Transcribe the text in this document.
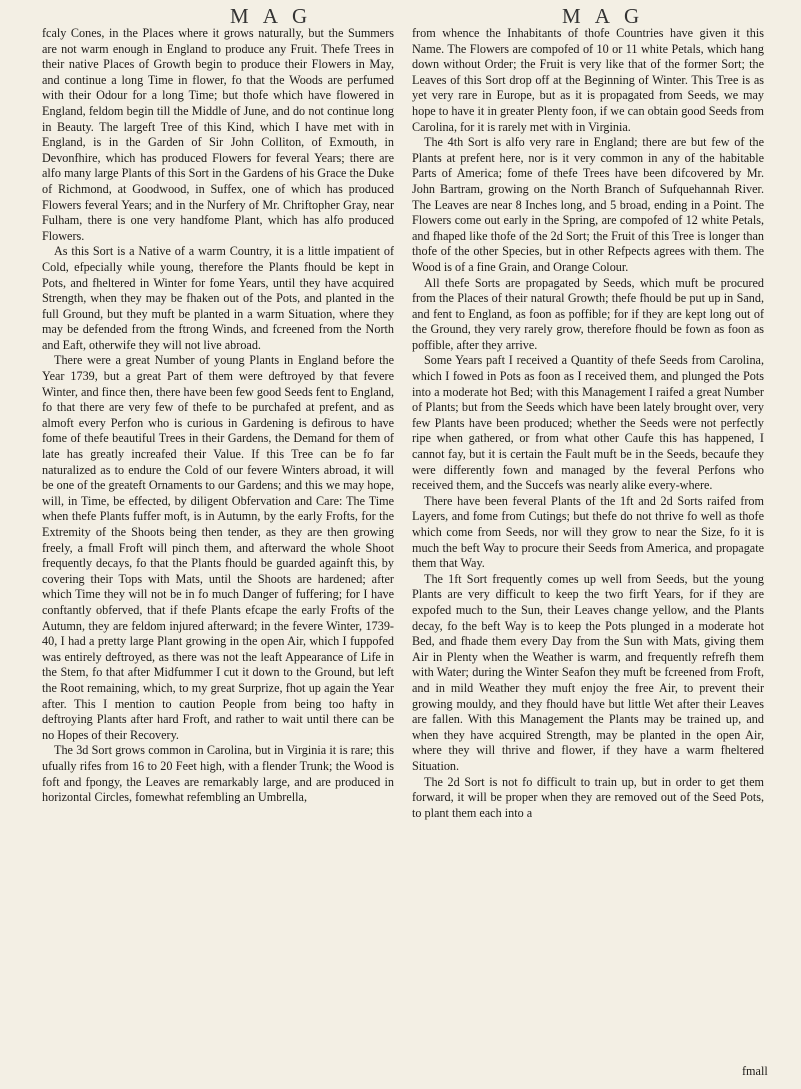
M A G	M A G

fcaly Cones, in the Places where it grows naturally, but the Summers are not warm enough in England to produce any Fruit. Thefe Trees in their native Places of Growth begin to produce their Flowers in May, and continue a long Time in flower, fo that the Woods are perfumed with their Odour for a long Time; but thofe which have flowered in England, feldom begin till the Middle of June, and do not continue long in Beauty. The largeft Tree of this Kind, which I have met with in England, is in the Garden of Sir John Colliton, of Exmouth, in Devonfhire, which has produced Flowers for feveral Years; there are alfo many large Plants of this Sort in the Gardens of his Grace the Duke of Richmond, at Goodwood, in Suffex, one of which has produced Flowers feveral Years; and in the Nurfery of Mr. Chriftopher Gray, near Fulham, there is one very handfome Plant, which has alfo produced Flowers.

As this Sort is a Native of a warm Country, it is a little impatient of Cold, efpecially while young, therefore the Plants fhould be kept in Pots, and fheltered in Winter for fome Years, until they have acquired Strength, when they may be fhaken out of the Pots, and planted in the full Ground, but they muft be planted in a warm Situation, where they may be defended from the ftrong Winds, and fcreened from the North and Eaft, otherwife they will not live abroad.

There were a great Number of young Plants in England before the Year 1739, but a great Part of them were deftroyed by that fevere Winter, and fince then, there have been few good Seeds fent to England, fo that there are very few of thefe to be purchafed at prefent, and as almoft every Perfon who is curious in Gardening is defirous to have fome of thefe beautiful Trees in their Gardens, the Demand for them of late has greatly increafed their Value. If this Tree can be fo far naturalized as to endure the Cold of our fevere Winters abroad, it will be one of the greateft Ornaments to our Gardens; and this we may hope, will, in Time, be effected, by diligent Obfervation and Care: The Time when thefe Plants fuffer moft, is in Autumn, by the early Frofts, for the Extremity of the Shoots being then tender, as they are then growing freely, a fmall Froft will pinch them, and afterward the whole Shoot frequently decays, fo that the Plants fhould be guarded againft this, by covering their Tops with Mats, until the Shoots are hardened; after which Time they will not be in fo much Danger of fuffering; for I have conftantly obferved, that if thefe Plants efcape the early Frofts of the Autumn, they are feldom injured afterward; in the fevere Winter, 1739-40, I had a pretty large Plant growing in the open Air, which I fuppofed was entirely deftroyed, as there was not the leaft Appearance of Life in the Stem, fo that after Midfummer I cut it down to the Ground, but left the Root remaining, which, to my great Surprize, fhot up again the Year after. This I mention to caution People from being too hafty in deftroying Plants after hard Froft, and rather to wait until there can be no Hopes of their Recovery.

The 3d Sort grows common in Carolina, but in Virginia it is rare; this ufually rifes from 16 to 20 Feet high, with a flender Trunk; the Wood is foft and fpongy, the Leaves are remarkably large, and are produced in horizontal Circles, fomewhat refembling an Umbrella,

from whence the Inhabitants of thofe Countries have given it this Name. The Flowers are compofed of 10 or 11 white Petals, which hang down without Order; the Fruit is very like that of the former Sort; the Leaves of this Sort drop off at the Beginning of Winter. This Tree is as yet very rare in Europe, but as it is propagated from Seeds, we may hope to have it in greater Plenty foon, if we can obtain good Seeds from Carolina, for it is rarely met with in Virginia.

The 4th Sort is alfo very rare in England; there are but few of the Plants at prefent here, nor is it very common in any of the habitable Parts of America; fome of thefe Trees have been difcovered by Mr. John Bartram, growing on the North Branch of Sufquehannah River. The Leaves are near 8 Inches long, and 5 broad, ending in a Point. The Flowers come out early in the Spring, are compofed of 12 white Petals, and fhaped like thofe of the 2d Sort; the Fruit of this Tree is longer than thofe of the other Species, but in other Refpects agrees with them. The Wood is of a fine Grain, and Orange Colour.

All thefe Sorts are propagated by Seeds, which muft be procured from the Places of their natural Growth; thefe fhould be put up in Sand, and fent to England, as foon as poffible; for if they are kept long out of the Ground, they very rarely grow, therefore fhould be fown as foon as poffible, after they arrive.

Some Years paft I received a Quantity of thefe Seeds from Carolina, which I fowed in Pots as foon as I received them, and plunged the Pots into a moderate hot Bed; with this Management I raifed a great Number of Plants; but from the Seeds which have been lately brought over, very few Plants have been produced; whether the Seeds were not perfectly ripe when gathered, or from what other Caufe this has happened, I cannot fay, but it is certain the Fault muft be in the Seeds, becaufe they were differently fown and managed by the feveral Perfons who received them, and the Succefs was nearly alike every-where.

There have been feveral Plants of the 1ft and 2d Sorts raifed from Layers, and fome from Cutings; but thefe do not thrive fo well as thofe which come from Seeds, nor will they grow to near the Size, fo it is much the beft Way to procure their Seeds from America, and propagate them that Way.

The 1ft Sort frequently comes up well from Seeds, but the young Plants are very difficult to keep the two firft Years, for if they are expofed much to the Sun, their Leaves change yellow, and the Plants decay, fo the beft Way is to keep the Pots plunged in a moderate hot Bed, and fhade them every Day from the Sun with Mats, giving them Air in Plenty when the Weather is warm, and frequently refrefh them with Water; during the Winter Seafon they muft be fcreened from Froft, and in mild Weather they muft enjoy the free Air, to prevent their growing mouldy, and they fhould have but little Wet after their Leaves are fallen. With this Management the Plants may be trained up, and when they have acquired Strength, may be planted in the open Air, where they will thrive and flower, if they have a warm fheltered Situation.

The 2d Sort is not fo difficult to train up, but in order to get them forward, it will be proper when they are removed out of the Seed Pots, to plant them each into a

fmall
